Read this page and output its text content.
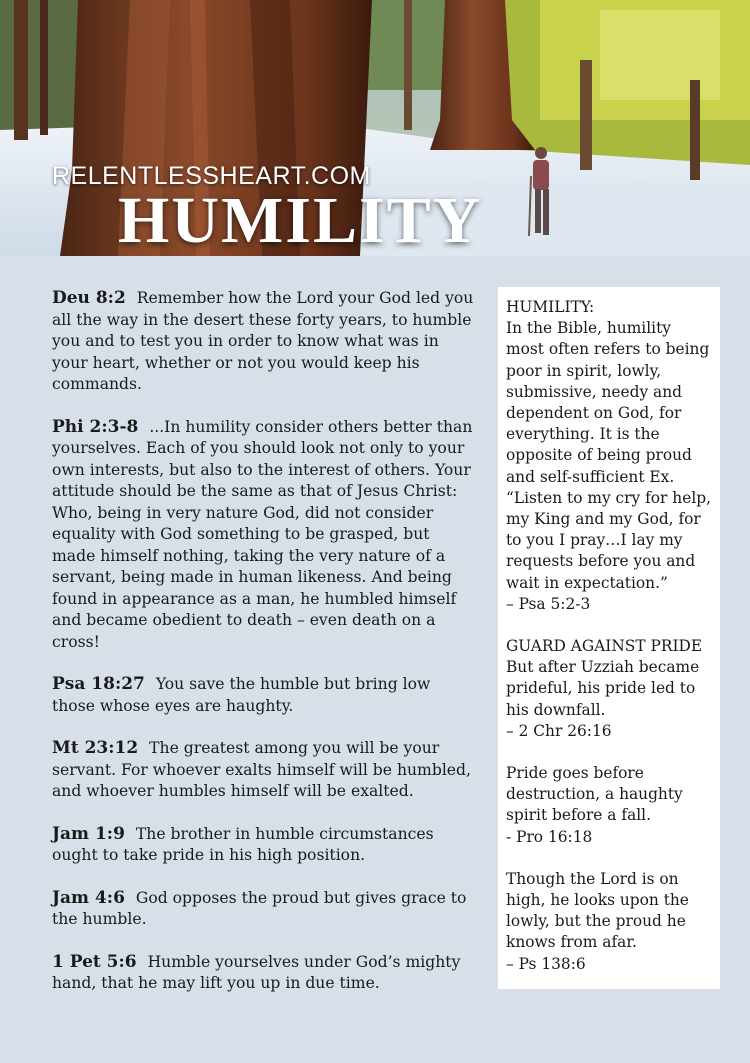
RELENTLESSHEART.COM
HUMILITY
Deu 8:2 Remember how the Lord your God led you all the way in the desert these forty years, to humble you and to test you in order to know what was in your heart, whether or not you would keep his commands.
Phi 2:3-8 ...In humility consider others better than yourselves. Each of you should look not only to your own interests, but also to the interest of others. Your attitude should be the same as that of Jesus Christ: Who, being in very nature God, did not consider equality with God something to be grasped, but made himself nothing, taking the very nature of a servant, being made in human likeness. And being found in appearance as a man, he humbled himself and became obedient to death – even death on a cross!
Psa 18:27 You save the humble but bring low those whose eyes are haughty.
Mt 23:12 The greatest among you will be your servant. For whoever exalts himself will be humbled, and whoever humbles himself will be exalted.
Jam 1:9 The brother in humble circumstances ought to take pride in his high position.
Jam 4:6 God opposes the proud but gives grace to the humble.
1 Pet 5:6 Humble yourselves under God’s mighty hand, that he may lift you up in due time.
HUMILITY:
In the Bible, humility most often refers to being poor in spirit, lowly, submissive, needy and dependent on God, for everything. It is the opposite of being proud and self-sufficient Ex. “Listen to my cry for help, my King and my God, for to you I pray…I lay my requests before you and wait in expectation.”
– Psa 5:2-3
GUARD AGAINST PRIDE
But after Uzziah became prideful, his pride led to his downfall.
– 2 Chr 26:16
Pride goes before destruction, a haughty spirit before a fall.
- Pro 16:18
Though the Lord is on high, he looks upon the lowly, but the proud he knows from afar.
– Ps 138:6
